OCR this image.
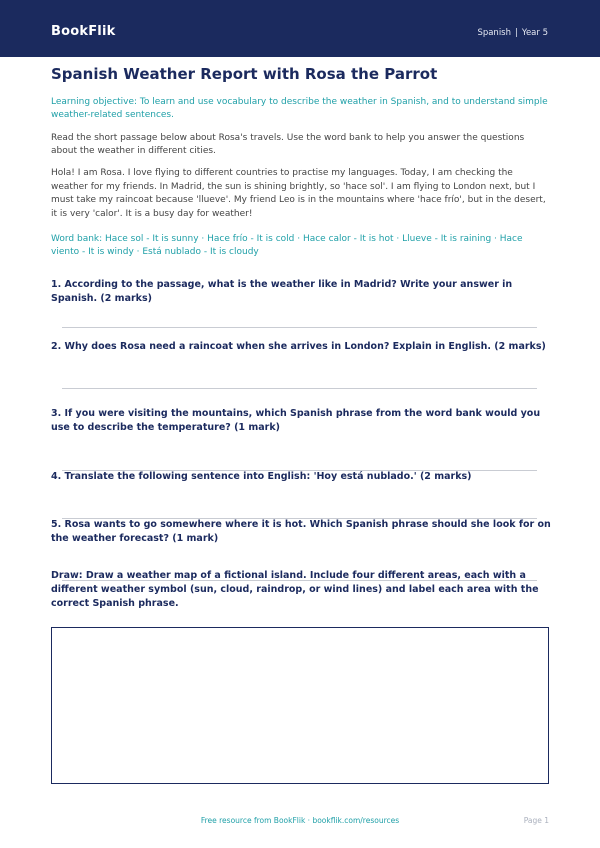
BookFlik	Spanish | Year 5
Spanish Weather Report with Rosa the Parrot
Learning objective: To learn and use vocabulary to describe the weather in Spanish, and to understand simple weather-related sentences.
Read the short passage below about Rosa's travels. Use the word bank to help you answer the questions about the weather in different cities.
Hola! I am Rosa. I love flying to different countries to practise my languages. Today, I am checking the weather for my friends. In Madrid, the sun is shining brightly, so 'hace sol'. I am flying to London next, but I must take my raincoat because 'llueve'. My friend Leo is in the mountains where 'hace frío', but in the desert, it is very 'calor'. It is a busy day for weather!
Word bank: Hace sol - It is sunny · Hace frío - It is cold · Hace calor - It is hot · Llueve - It is raining · Hace viento - It is windy · Está nublado - It is cloudy
1. According to the passage, what is the weather like in Madrid? Write your answer in Spanish. (2 marks)
2. Why does Rosa need a raincoat when she arrives in London? Explain in English. (2 marks)
3. If you were visiting the mountains, which Spanish phrase from the word bank would you use to describe the temperature? (1 mark)
4. Translate the following sentence into English: 'Hoy está nublado.' (2 marks)
5. Rosa wants to go somewhere where it is hot. Which Spanish phrase should she look for on the weather forecast? (1 mark)
Draw: Draw a weather map of a fictional island. Include four different areas, each with a different weather symbol (sun, cloud, raindrop, or wind lines) and label each area with the correct Spanish phrase.
Free resource from BookFlik · bookflik.com/resources	Page 1
